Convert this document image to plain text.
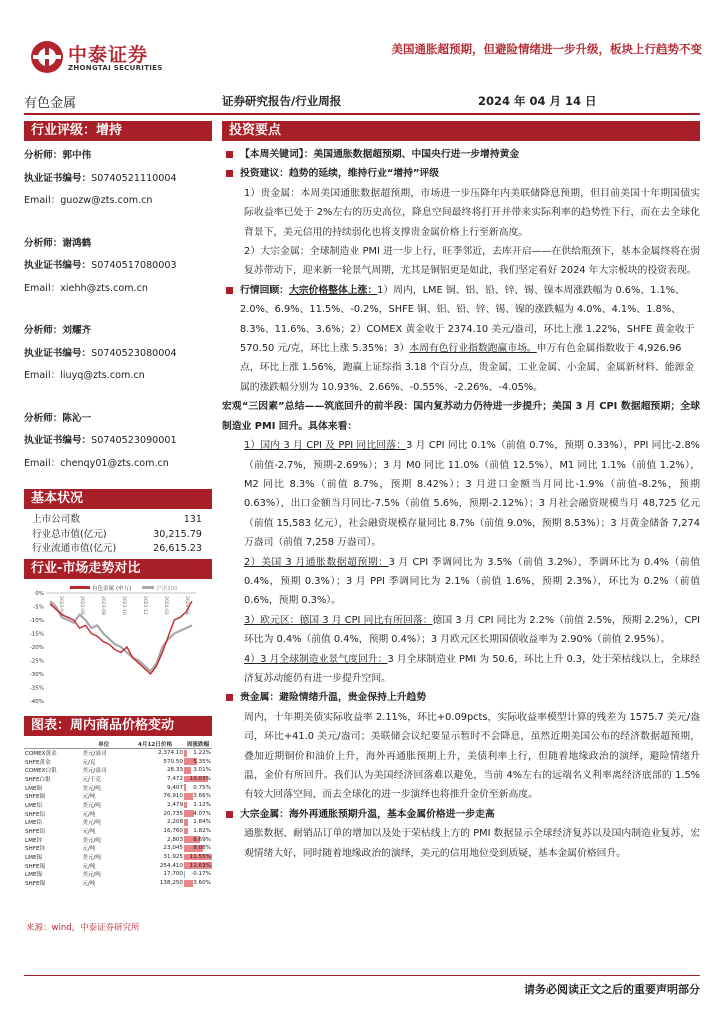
中泰证券
ZHONGTAI SECURITIES
美国通胀超预期，但避险情绪进一步升级，板块上行趋势不变
有色金属	证券研究报告/行业周报	2024 年 04 月 14 日
行业评级：增持
分析师：郭中伟
执业证书编号：S0740521110004
Email：guozw@zts.com.cn
分析师：谢鸿鹤
执业证书编号：S0740517080003
Email：xiehh@zts.com.cn
分析师：刘耀齐
执业证书编号：S0740523080004
Email：liuyq@zts.com.cn
分析师：陈沁一
执业证书编号：S0740523090001
Email：chenqy01@zts.com.cn
基本状况
上市公司数	131
行业总市值(亿元)	30,215.79
行业流通市值(亿元)	26,615.23
行业-市场走势对比
0%
-5%
-10%
-15%
-20%
-25%
-30%
-35%
-40%
2023-04	2023-06	2023-08	2023-10	2023-12	2024-02	2024-04
有色金属 (申万)	沪深300
图表：周内商品价格变动
	单位	4月12日价格	周涨跌幅
COMEX黄金	美元/盎司	2,374.10	1.22%
SHFE黄金	元/克	570.50	5.35%
COMEX白银	美元/盎司	28.33	3.01%
SHFE白银	元/千克	7,472	10.03%
LME铜	美元/吨	9,407	0.75%
SHFE铜	元/吨	76,910	3.66%
LME铝	美元/吨	2,479	1.12%
SHFE铝	元/吨	20,735	4.07%
LME铅	美元/吨	2,208	1.84%
SHFE铅	元/吨	16,760	1.82%
LME锌	美元/吨	2,803	6.69%
SHFE锌	元/吨	23,045	8.08%
LME锡	美元/吨	31,925	11.55%
SHFE锡	元/吨	254,410	11.63%
LME镍	美元/吨	17,700	-0.17%
SHFE镍	元/吨	138,250	3.60%
来源：wind，中泰证券研究所
投资要点
【本周关键词】：美国通胀数据超预期、中国央行进一步增持黄金
投资建议：趋势的延续，维持行业“增持”评级
1）贵金属：本周美国通胀数据超预期，市场进一步压降年内美联储降息预期，但目前美国十年期国债实际收益率已处于 2%左右的历史高位，降息空间最终将打开并带来实际利率的趋势性下行，而在去全球化背景下，美元信用的持续弱化也将支撑贵金属价格上行至新高度。
2）大宗金属：全球制造业 PMI 进一步上行，旺季邻近，去库开启——在供给瓶颈下，基本金属终将在弱复苏带动下，迎来新一轮景气周期，尤其是铜铝更是如此，我们坚定看好 2024 年大宗板块的投资表现。
行情回顾：大宗价格整体上涨：1）周内，LME 铜、铝、铅、锌、锡、镍本周涨跌幅为 0.6%、1.1%、2.0%、6.9%、11.5%、-0.2%，SHFE 铜、铝、铅、锌、锡、镍的涨跌幅为 4.0%、4.1%、1.8%、8.3%、11.6%、3.6%；2）COMEX 黄金收于 2374.10 美元/盎司，环比上涨 1.22%，SHFE 黄金收于 570.50 元/克，环比上涨 5.35%；3）本周有色行业指数跑赢市场。申万有色金属指数收于 4,926.96 点，环比上涨 1.56%，跑赢上证综指 3.18 个百分点，贵金属、工业金属、小金属、金属新材料、能源金属的涨跌幅分别为 10.93%、2.66%、-0.55%、-2.26%、-4.05%。
宏观“三因素”总结——筑底回升的前半段：国内复苏动力仍待进一步提升；美国 3 月 CPI 数据超预期；全球制造业 PMI 回升。具体来看：
1）国内 3 月 CPI 及 PPI 同比回落：3 月 CPI 同比 0.1%（前值 0.7%，预期 0.33%），PPI 同比-2.8%（前值-2.7%，预期-2.69%）；3 月 M0 同比 11.0%（前值 12.5%），M1 同比 1.1%（前值 1.2%），M2 同比 8.3%（前值 8.7%，预期 8.42%）；3 月进口金额当月同比-1.9%（前值-8.2%，预期 0.63%），出口金额当月同比-7.5%（前值 5.6%，预期-2.12%）；3 月社会融资规模当月 48,725 亿元（前值 15,583 亿元），社会融资规模存量同比 8.7%（前值 9.0%，预期 8.53%）；3 月黄金储备 7,274 万盎司（前值 7,258 万盎司）。
2）美国 3 月通胀数据超预期：3 月 CPI 季调同比为 3.5%（前值 3.2%），季调环比为 0.4%（前值 0.4%，预期 0.3%）；3 月 PPI 季调同比为 2.1%（前值 1.6%，预期 2.3%），环比为 0.2%（前值 0.6%，预期 0.3%）。
3）欧元区：德国 3 月 CPI 同比有所回落：德国 3 月 CPI 同比为 2.2%（前值 2.5%，预期 2.2%），CPI 环比为 0.4%（前值 0.4%，预期 0.4%）；3 月欧元区长期国债收益率为 2.90%（前值 2.95%）。
4）3 月全球制造业景气度回升：3 月全球制造业 PMI 为 50.6，环比上升 0.3，处于荣枯线以上，全球经济复苏动能仍有进一步提升空间。
贵金属：避险情绪升温，贵金保持上升趋势
周内，十年期美债实际收益率 2.11%，环比+0.09pcts，实际收益率模型计算的残差为 1575.7 美元/盎司，环比+41.0 美元/盎司；美联储会议纪要显示暂时不会降息，虽然近期美国公布的经济数据超预期，叠加近期铜价和油价上升，海外再通胀预期上升，美债利率上行，但随着地缘政治的演绎，避险情绪升温，金价有所回升。我们认为美国经济回落难以避免，当前 4%左右的远端名义利率离经济底部的 1.5%有较大回落空间，而去全球化的进一步演绎也将推升金价至新高度。
大宗金属：海外再通胀预期升温，基本金属价格进一步走高
通胀数据、耐销品订单的增加以及处于荣枯线上方的 PMI 数据显示全球经济复苏以及国内制造业复苏，宏观情绪大好，同时随着地缘政治的演绎，美元的信用地位受到质疑，基本金属价格回升。
请务必阅读正文之后的重要声明部分
